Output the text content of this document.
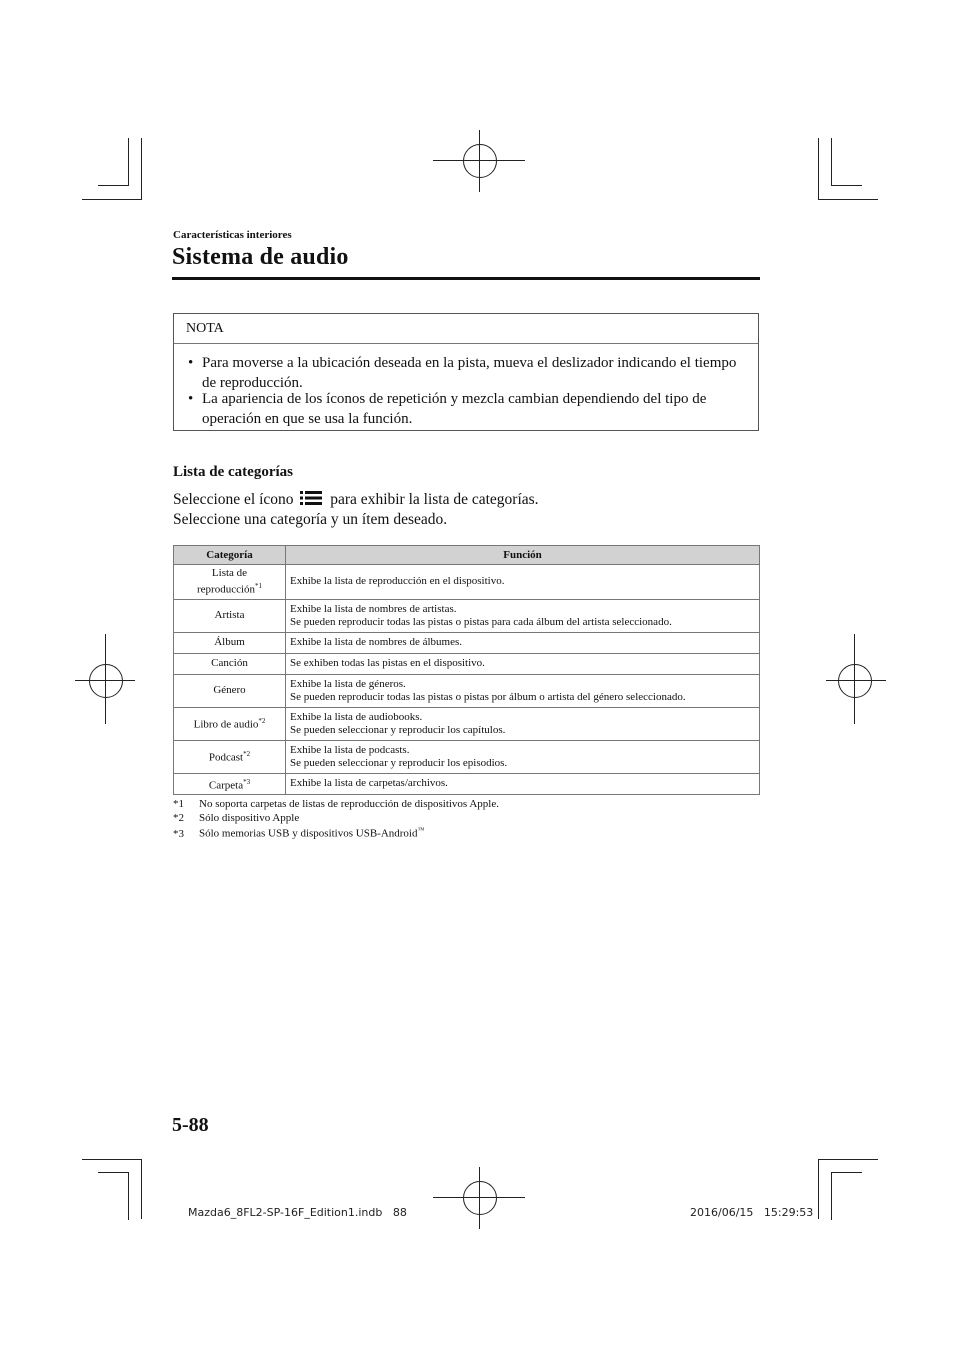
Características interiores
Sistema de audio
NOTA
• Para moverse a la ubicación deseada en la pista, mueva el deslizador indicando el tiempo de reproducción.
• La apariencia de los íconos de repetición y mezcla cambian dependiendo del tipo de operación en que se usa la función.
Lista de categorías
Seleccione el ícono para exhibir la lista de categorías.
Seleccione una categoría y un ítem deseado.
Categoría	Función
Lista de
reproducción$^{*1}$	Exhibe la lista de reproducción en el dispositivo.
Artista	Exhibe la lista de nombres de artistas.
Se pueden reproducir todas las pistas o pistas para cada álbum del artista seleccionado.
Álbum	Exhibe la lista de nombres de álbumes.
Canción	Se exhiben todas las pistas en el dispositivo.
Género	Exhibe la lista de géneros.
Se pueden reproducir todas las pistas o pistas por álbum o artista del género seleccionado.
Libro de audio$^{*2}$	Exhibe la lista de audiobooks.
Se pueden seleccionar y reproducir los capítulos.
Podcast$^{*2}$	Exhibe la lista de podcasts.
Se pueden seleccionar y reproducir los episodios.
Carpeta$^{*3}$	Exhibe la lista de carpetas/archivos.
*1 No soporta carpetas de listas de reproducción de dispositivos Apple.
*2 Sólo dispositivo Apple
*3 Sólo memorias USB y dispositivos USB-Android™
5-88
Mazda6_8FL2-SP-16F_Edition1.indb 88	2016/06/15   15:29:53
